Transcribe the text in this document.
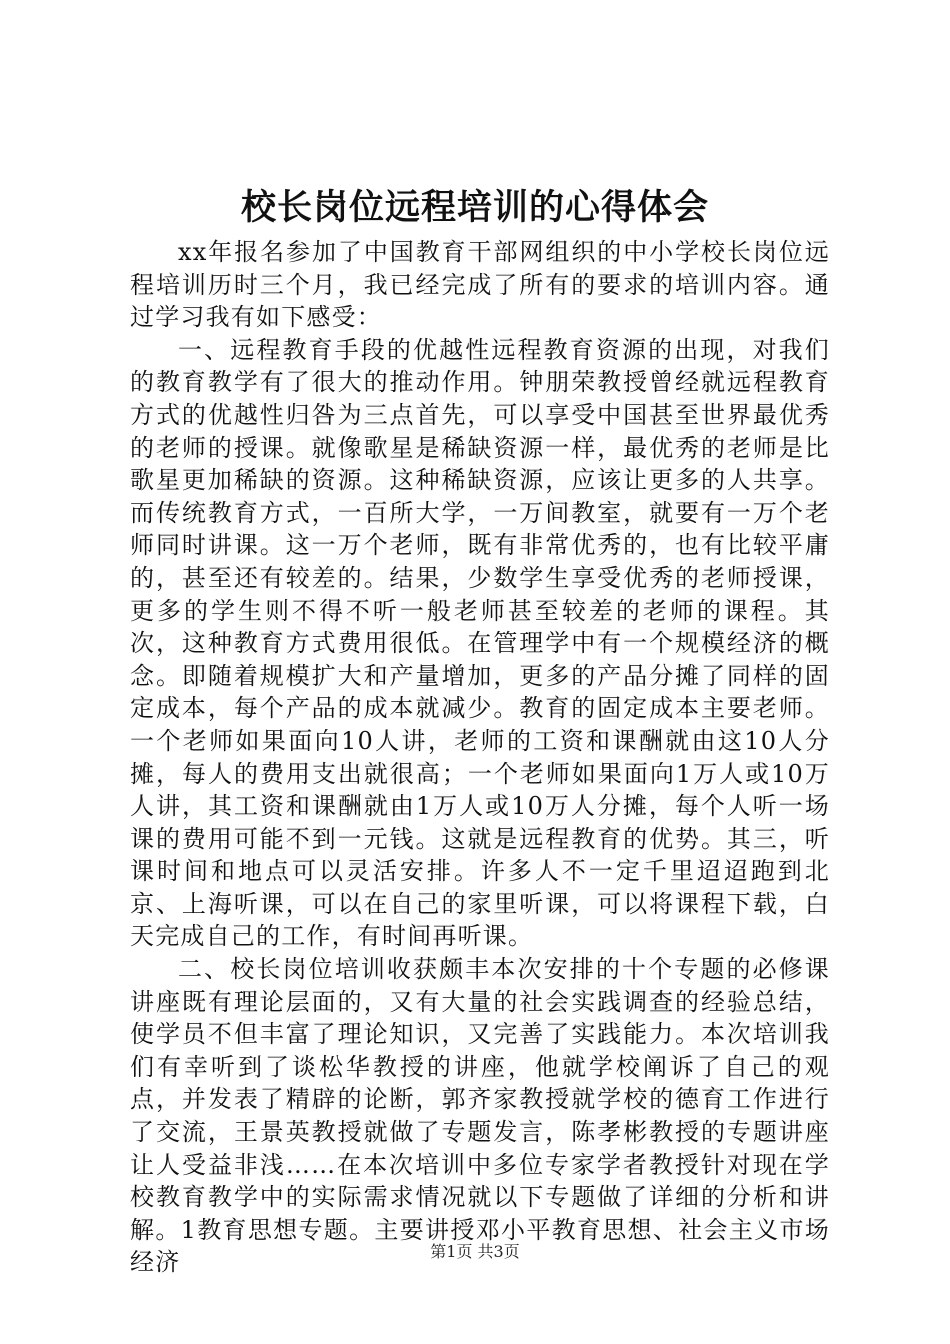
校长岗位远程培训的心得体会

xx年报名参加了中国教育干部网组织的中小学校长岗位远程培训历时三个月，我已经完成了所有的要求的培训内容。通过学习我有如下感受：

一、远程教育手段的优越性远程教育资源的出现，对我们的教育教学有了很大的推动作用。钟朋荣教授曾经就远程教育方式的优越性归咎为三点首先，可以享受中国甚至世界最优秀的老师的授课。就像歌星是稀缺资源一样，最优秀的老师是比歌星更加稀缺的资源。这种稀缺资源，应该让更多的人共享。而传统教育方式，一百所大学，一万间教室，就要有一万个老师同时讲课。这一万个老师，既有非常优秀的，也有比较平庸的，甚至还有较差的。结果，少数学生享受优秀的老师授课，更多的学生则不得不听一般老师甚至较差的老师的课程。其次，这种教育方式费用很低。在管理学中有一个规模经济的概念。即随着规模扩大和产量增加，更多的产品分摊了同样的固定成本，每个产品的成本就减少。教育的固定成本主要老师。一个老师如果面向10人讲，老师的工资和课酬就由这10人分摊，每人的费用支出就很高；一个老师如果面向1万人或10万人讲，其工资和课酬就由1万人或10万人分摊，每个人听一场课的费用可能不到一元钱。这就是远程教育的优势。其三，听课时间和地点可以灵活安排。许多人不一定千里迢迢跑到北京、上海听课，可以在自己的家里听课，可以将课程下载，白天完成自己的工作，有时间再听课。

二、校长岗位培训收获颇丰本次安排的十个专题的必修课讲座既有理论层面的，又有大量的社会实践调查的经验总结，使学员不但丰富了理论知识，又完善了实践能力。本次培训我们有幸听到了谈松华教授的讲座，他就学校阐诉了自己的观点，并发表了精辟的论断，郭齐家教授就学校的德育工作进行了交流，王景英教授就做了专题发言，陈孝彬教授的专题讲座让人受益非浅……在本次培训中多位专家学者教授针对现在学校教育教学中的实际需求情况就以下专题做了详细的分析和讲解。1教育思想专题。主要讲授邓小平教育思想、社会主义市场经济	第1页 共3页
